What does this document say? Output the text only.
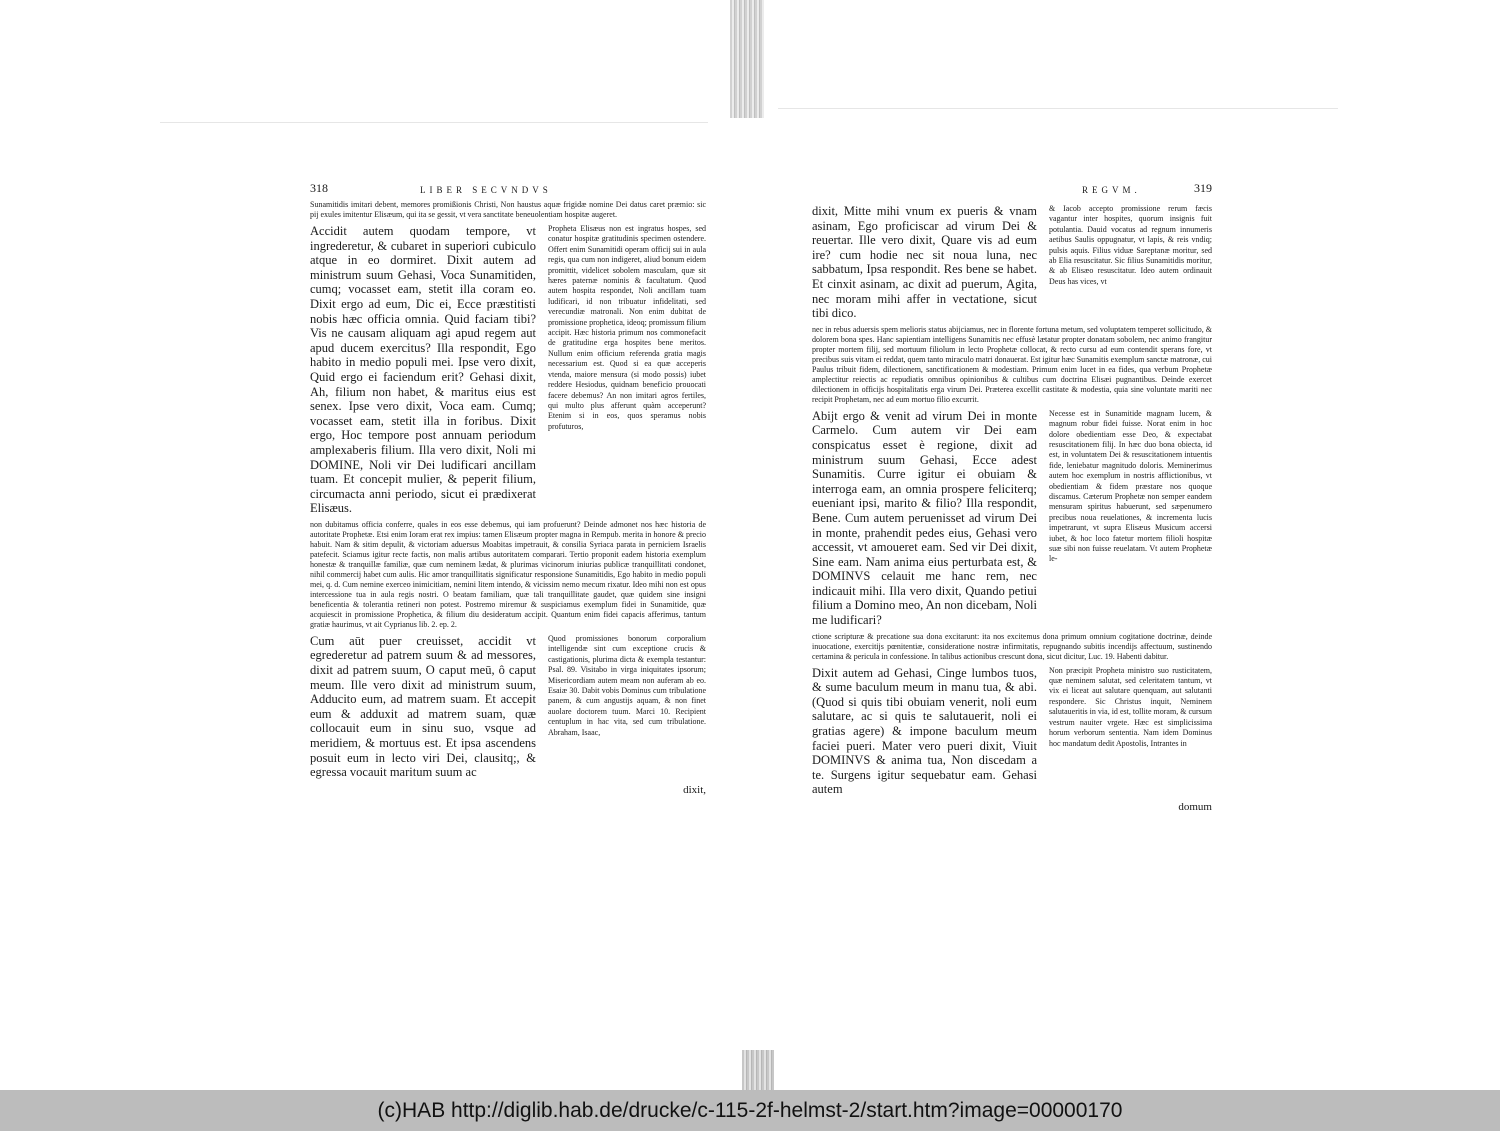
318	LIBER SECVNDVS

Sunamitidis imitari debent, memores promißionis Christi, Non haustus aquæ frigidæ nomine Dei datus caret præmio: sic pij exules imitentur Elisæum, qui ita se gessit, vt vera sanctitate beneuolentiam hospitæ augeret.

Accidit autem quodam tempore, vt ingrederetur, & cubaret in superiori cubiculo atque in eo dormiret. Dixit autem ad ministrum suum Gehasi, Voca Sunamitiden, cumq; vocasset eam, stetit illa coram eo. Dixit ergo ad eum, Dic ei, Ecce præstitisti nobis hæc officia omnia. Quid faciam tibi? Vis ne causam aliquam agi apud regem aut apud ducem exercitus? Illa respondit, Ego habito in medio populi mei. Ipse vero dixit, Quid ergo ei faciendum erit? Gehasi dixit, Ah, filium non habet, & maritus eius est senex. Ipse vero dixit, Voca eam. Cumq; vocasset eam, stetit illa in foribus. Dixit ergo, Hoc tempore post annuam periodum amplexaberis filium. Illa vero dixit, Noli mi DOMINE, Noli vir Dei ludificari ancillam tuam. Et concepit mulier, & peperit filium, circumacta anni periodo, sicut ei prædixerat Elisæus.
Propheta Elisæus non est ingratus hospes, sed conatur hospitæ gratitudinis specimen ostendere. Offert enim Sunamitidi operam officij sui in aula regis, qua cum non indigeret, aliud bonum eidem promittit, videlicet sobolem masculam, quæ sit hæres paternæ nominis & facultatum. Quod autem hospita respondet, Noli ancillam tuam ludificari, id non tribuatur infidelitati, sed verecundiæ matronali. Non enim dubitat de promissione prophetica, ideoq; promissum filium accipit. Hæc historia primum nos commonefacit de gratitudine erga hospites bene meritos. Nullum enim officium referenda gratia magis necessarium est. Quod si ea quæ acceperis vtenda, maiore mensura (si modo possis) iubet reddere Hesiodus, quidnam beneficio prouocati facere debemus? An non imitari agros fertiles, qui multo plus afferunt quàm acceperunt? Etenim si in eos, quos speramus nobis profuturos,

non dubitamus officia conferre, quales in eos esse debemus, qui iam profuerunt? Deinde admonet nos hæc historia de autoritate Prophetæ. Etsi enim Ioram erat rex impius: tamen Elisæum propter magna in Rempub. merita in honore & precio habuit. Nam & sitim depulit, & victoriam aduersus Moabitas impetrauit, & consilia Syriaca parata in perniciem Israelis patefecit. Sciamus igitur recte factis, non malis artibus autoritatem comparari. Tertio proponit eadem historia exemplum honestæ & tranquillæ familiæ, quæ cum neminem lædat, & plurimas vicinorum iniurias publicæ tranquillitati condonet, nihil commercij habet cum aulis. Hic amor tranquillitatis significatur responsione Sunamitidis, Ego habito in medio populi mei, q. d. Cum nemine exerceo inimicitiam, nemini litem intendo, & vicissim nemo mecum rixatur. Ideo mihi non est opus intercessione tua in aula regis nostri. O beatam familiam, quæ tali tranquillitate gaudet, quæ quidem sine insigni beneficentia & tolerantia retineri non potest. Postremo miremur & suspiciamus exemplum fidei in Sunamitide, quæ acquiescit in promissione Prophetica, & filium diu desideratum accipit. Quantum enim fidei capacis afferimus, tantum gratiæ haurimus, vt ait Cyprianus lib. 2. ep. 2.

Cum aūt puer creuisset, accidit vt egrederetur ad patrem suum & ad messores, dixit ad patrem suum, O caput meū, ô caput meum. Ille vero dixit ad ministrum suum, Adducito eum, ad matrem suam. Et accepit eum & adduxit ad matrem suam, quæ collocauit eum in sinu suo, vsque ad meridiem, & mortuus est. Et ipsa ascendens posuit eum in lecto viri Dei, clausitq;, & egressa vocauit maritum suum ac
Quod promissiones bonorum corporalium intelligendæ sint cum exceptione crucis & castigationis, plurima dicta & exempla testantur: Psal. 89. Visitabo in virga iniquitates ipsorum; Misericordiam autem meam non auferam ab eo. Esaiæ 30. Dabit vobis Dominus cum tribulatione panem, & cum angustijs aquam, & non finet auolare doctorem tuum. Marci 10. Recipient centuplum in hac vita, sed cum tribulatione. Abraham, Isaac,
dixit,
REGVM.	319
dixit, Mitte mihi vnum ex pueris & vnam asinam, Ego proficiscar ad virum Dei & reuertar. Ille vero dixit, Quare vis ad eum ire? cum hodie nec sit noua luna, nec sabbatum, Ipsa respondit. Res bene se habet. Et cinxit asinam, ac dixit ad puerum, Agita, nec moram mihi affer in vectatione, sicut tibi dico.
& Iacob accepto promissione rerum fæcis vagantur inter hospites, quorum insignis fuit potulantia. Dauid vocatus ad regnum innumeris aetibus Saulis oppugnatur, vt lapis, & reis vndiq; pulsis aquis. Filius viduæ Sareptanæ moritur, sed ab Elia resuscitatur. Sic filius Sunamitidis moritur, & ab Elisæo resuscitatur. Ideo autem ordinauit Deus has vices, vt

nec in rebus aduersis spem melioris status abijciamus, nec in florente fortuna metum, sed voluptatem temperet sollicitudo, & dolorem bona spes. Hanc sapientiam intelligens Sunamitis nec effusè lætatur propter donatam sobolem, nec animo frangitur propter mortem filij, sed mortuum filiolum in lecto Prophetæ collocat, & recto cursu ad eum contendit sperans fore, vt precibus suis vitam ei reddat, quem tanto miraculo matri donauerat. Est igitur hæc Sunamitis exemplum sanctæ matronæ, cui Paulus tribuit fidem, dilectionem, sanctificationem & modestiam. Primum enim lucet in ea fides, qua verbum Prophetæ amplectitur reiectis ac repudiatis omnibus opinionibus & cultibus cum doctrina Elisæi pugnantibus. Deinde exercet dilectionem in officijs hospitalitatis erga virum Dei. Præterea excellit castitate & modestia, quia sine voluntate mariti nec recipit Prophetam, nec ad eum mortuo filio excurrit.

Abijt ergo & venit ad virum Dei in monte Carmelo. Cum autem vir Dei eam conspicatus esset è regione, dixit ad ministrum suum Gehasi, Ecce adest Sunamitis. Curre igitur ei obuiam & interroga eam, an omnia prospere feliciterq; eueniant ipsi, marito & filio? Illa respondit, Bene. Cum autem peruenisset ad virum Dei in monte, prahendit pedes eius, Gehasi vero accessit, vt amoueret eam. Sed vir Dei dixit, Sine eam. Nam anima eius perturbata est, & DOMINVS celauit me hanc rem, nec indicauit mihi. Illa vero dixit, Quando petiui filium a Domino meo, An non dicebam, Noli me ludificari?
Necesse est in Sunamitide magnam lucem, & magnum robur fidei fuisse. Norat enim in hoc dolore obedientiam esse Deo, & expectabat resuscitationem filij. In hæc duo bona obiecta, id est, in voluntatem Dei & resuscitationem intuentis fide, leniebatur magnitudo doloris. Meminerimus autem hoc exemplum in nostris afflictionibus, vt obedientiam & fidem præstare nos quoque discamus. Cæterum Prophetæ non semper eandem mensuram spiritus habuerunt, sed sæpenumero precibus noua reuelationes, & incrementa lucis impetrarunt, vt supra Elisæus Musicum accersi iubet, & hoc loco fatetur mortem filioli hospitæ suæ sibi non fuisse reuelatam. Vt autem Prophetæ le-

ctione scripturæ & precatione sua dona excitarunt: ita nos excitemus dona primum omnium cogitatione doctrinæ, deinde inuocatione, exercitijs pœnitentiæ, consideratione nostræ infirmitatis, repugnando subitis incendijs affectuum, sustinendo certamina & pericula in confessione. In talibus actionibus crescunt dona, sicut dicitur, Luc. 19. Habenti dabitur.

Dixit autem ad Gehasi, Cinge lumbos tuos, & sume baculum meum in manu tua, & abi. (Quod si quis tibi obuiam venerit, noli eum salutare, ac si quis te salutauerit, noli ei gratias agere) & impone baculum meum faciei pueri. Mater vero pueri dixit, Viuit DOMINVS & anima tua, Non discedam a te. Surgens igitur sequebatur eam. Gehasi autem
Non præcipit Propheta ministro suo rusticitatem, quæ neminem salutat, sed celeritatem tantum, vt vix ei liceat aut salutare quenquam, aut salutanti respondere. Sic Christus inquit, Neminem salutaueritis in via, id est, tollite moram, & cursum vestrum nauiter vrgete. Hæc est simplicissima horum verborum sententia. Nam idem Dominus hoc mandatum dedit Apostolis, Intrantes in
domum
(c)HAB http://diglib.hab.de/drucke/c-115-2f-helmst-2/start.htm?image=00000170
